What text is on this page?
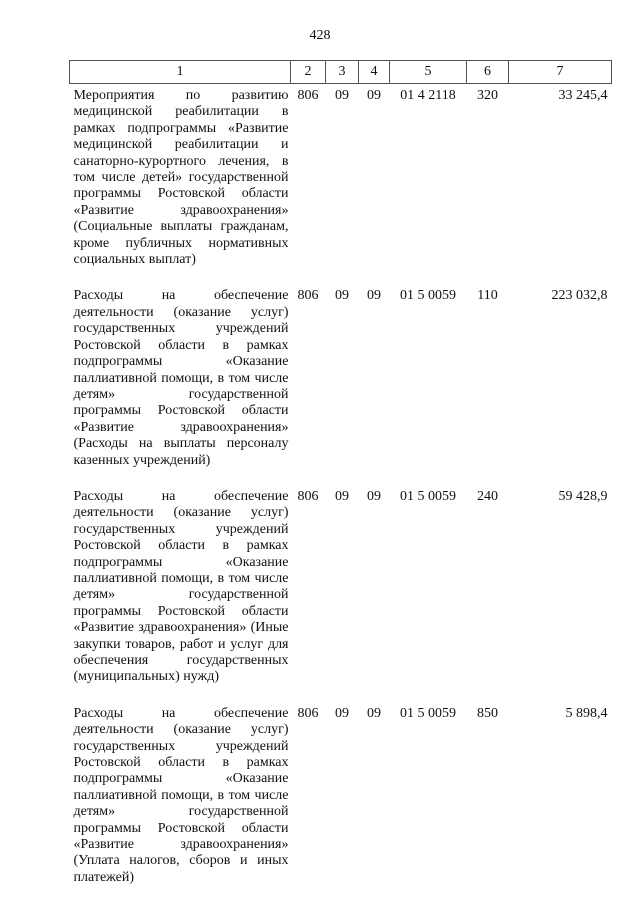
428
1	2	3	4	5	6	7
Мероприятия по развитию медицинской реабилитации в рамках подпрограммы «Развитие медицинской реабилитации и санаторно-курортного лечения, в том числе детей» государственной программы Ростовской области «Развитие здравоохранения» (Социальные выплаты гражданам, кроме публичных нормативных социальных выплат)	806	09	09	01 4 2118	320	33 245,4
Расходы на обеспечение деятельности (оказание услуг) государственных учреждений Ростовской области в рамках подпрограммы «Оказание паллиативной помощи, в том числе детям» государственной программы Ростовской области «Развитие здравоохранения» (Расходы на выплаты персоналу казенных учреждений)	806	09	09	01 5 0059	110	223 032,8
Расходы на обеспечение деятельности (оказание услуг) государственных учреждений Ростовской области в рамках подпрограммы «Оказание паллиативной помощи, в том числе детям» государственной программы Ростовской области «Развитие здравоохранения» (Иные закупки товаров, работ и услуг для обеспечения государственных (муниципальных) нужд)	806	09	09	01 5 0059	240	59 428,9
Расходы на обеспечение деятельности (оказание услуг) государственных учреждений Ростовской области в рамках подпрограммы «Оказание паллиативной помощи, в том числе детям» государственной программы Ростовской области «Развитие здравоохранения» (Уплата налогов, сборов и иных платежей)	806	09	09	01 5 0059	850	5 898,4
